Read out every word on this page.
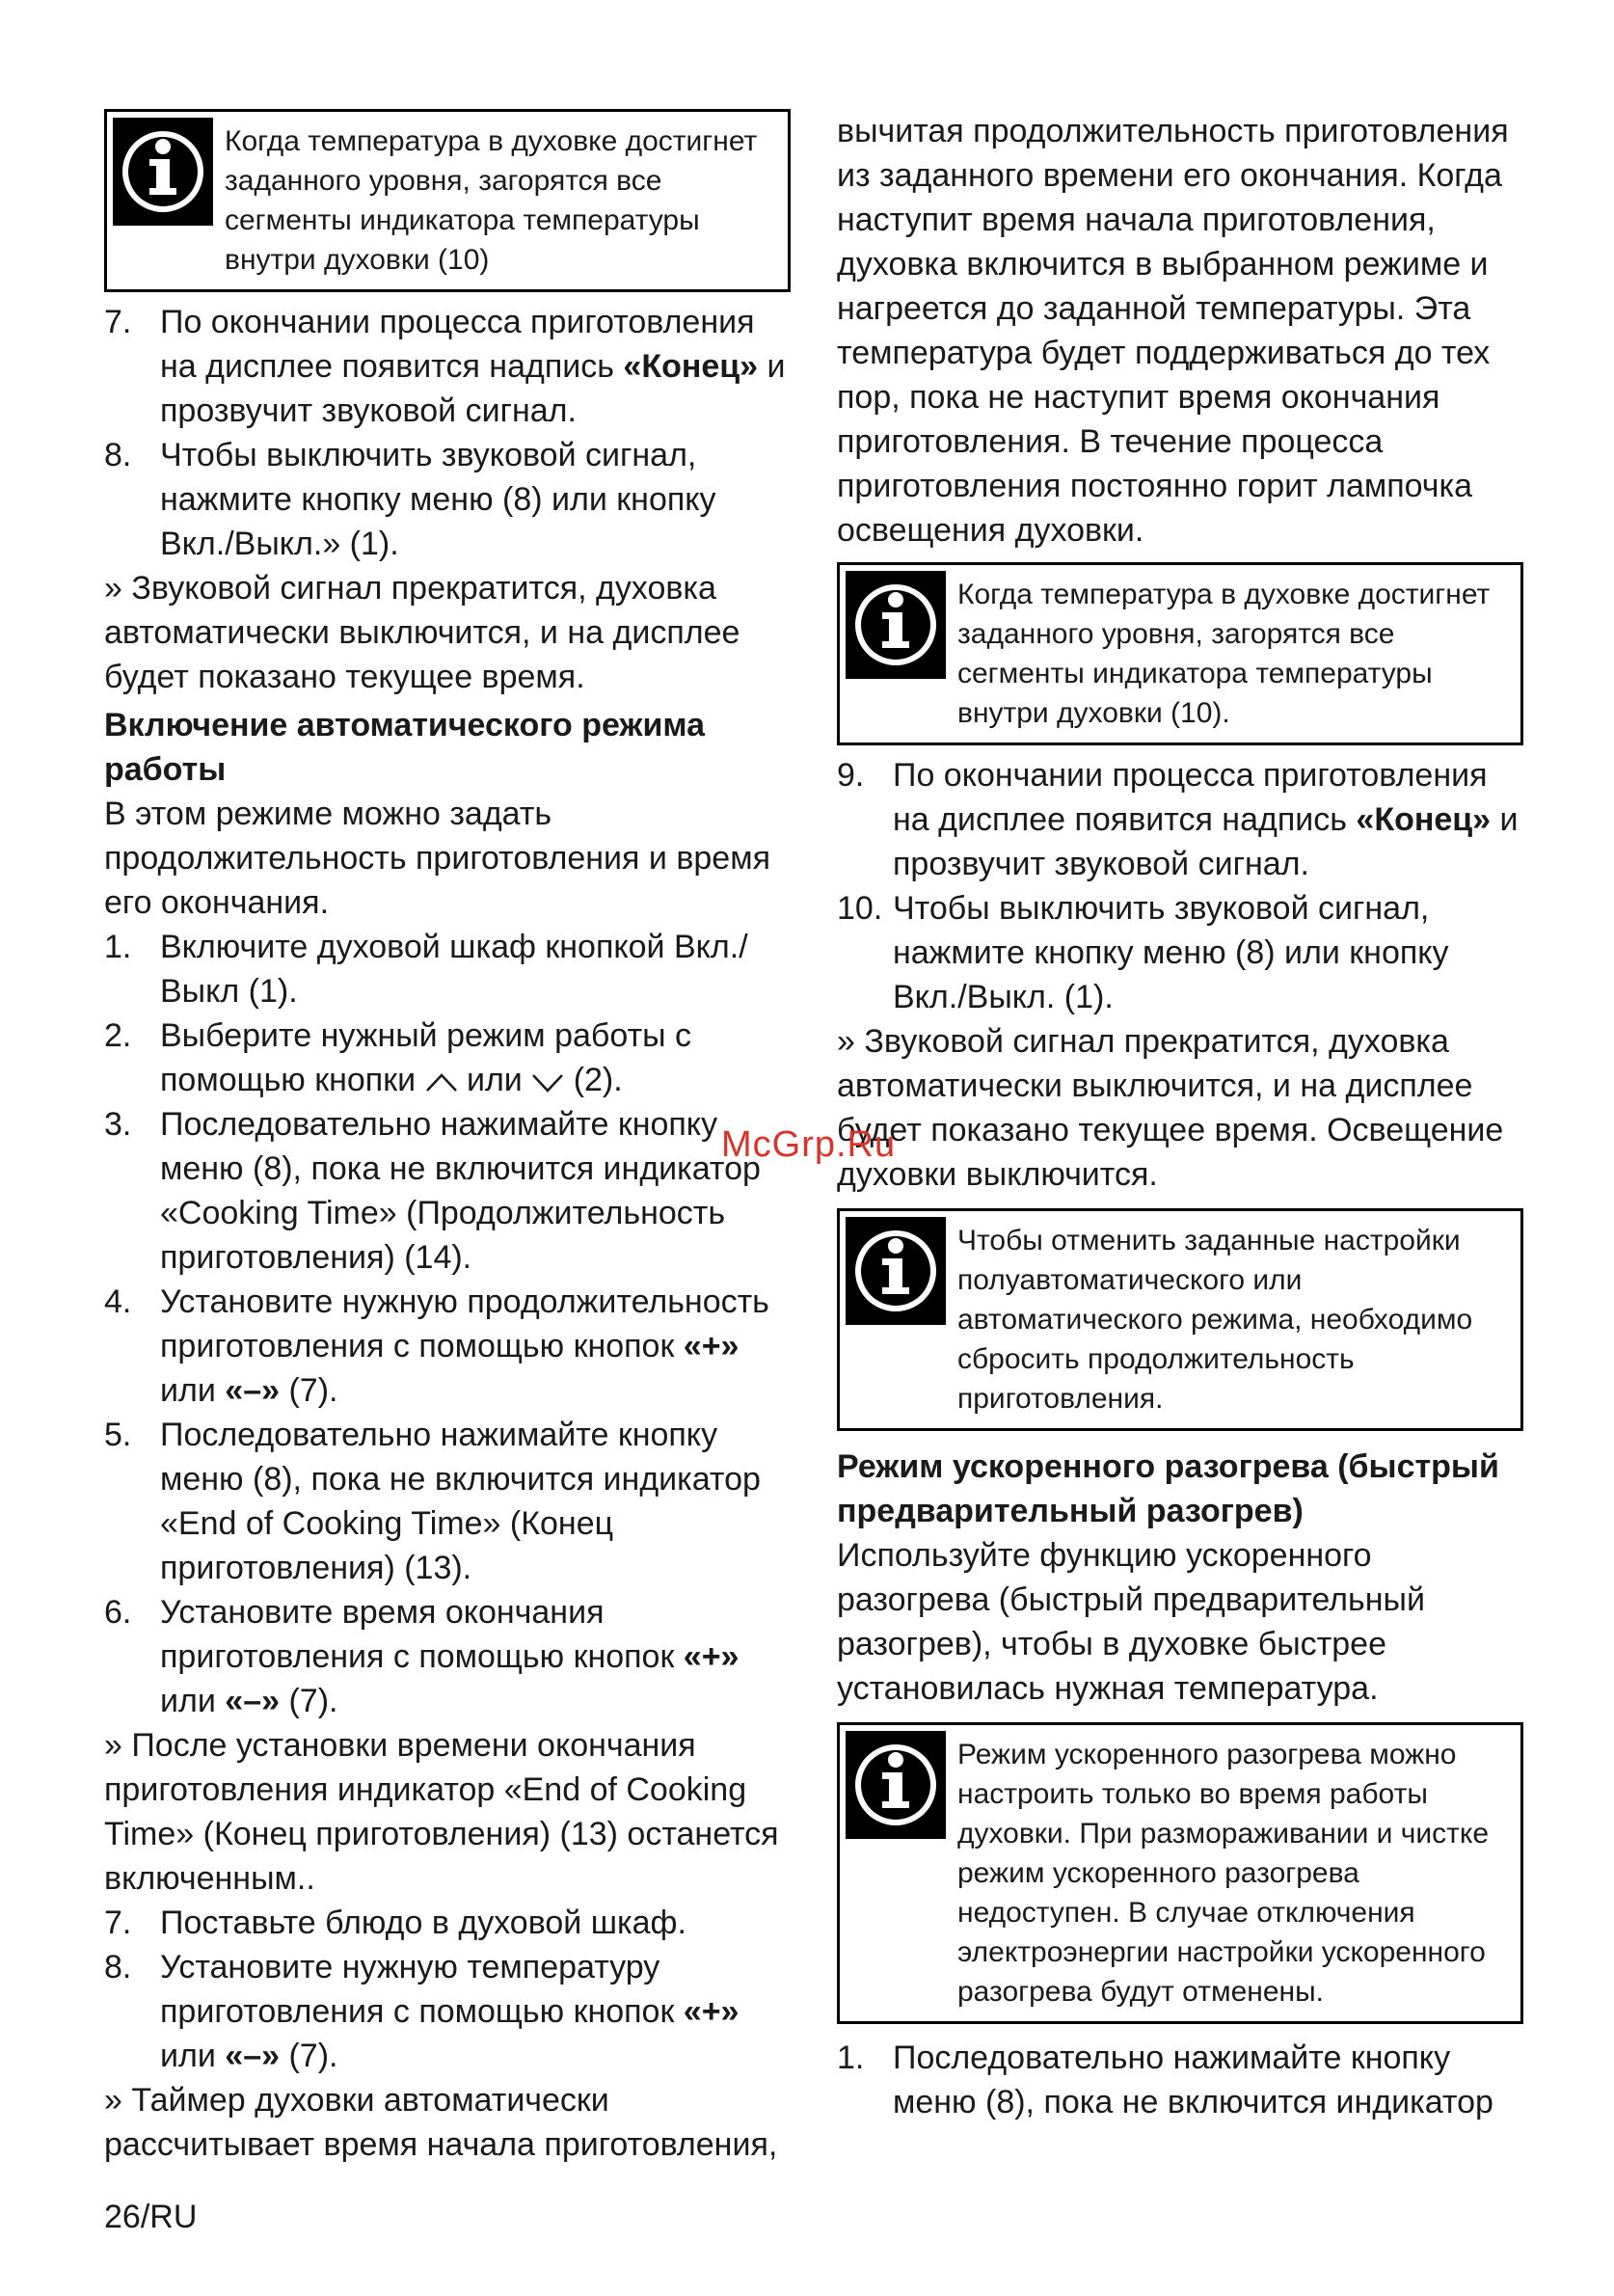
Когда температура в духовке достигнет заданного уровня, загорятся все сегменты индикатора температуры внутри духовки (10)
7. По окончании процесса приготовления на дисплее появится надпись «Конец» и прозвучит звуковой сигнал.
8. Чтобы выключить звуковой сигнал, нажмите кнопку меню (8) или кнопку Вкл./Выкл.» (1).

» Звуковой сигнал прекратится, духовка автоматически выключится, и на дисплее будет показано текущее время.

Включение автоматического режима работы

В этом режиме можно задать продолжительность приготовления и время его окончания.

1. Включите духовой шкаф кнопкой Вкл./Выкл (1).
2. Выберите нужный режим работы с помощью кнопки  или  (2).
3. Последовательно нажимайте кнопку меню (8), пока не включится индикатор «Cooking Time» (Продолжительность приготовления) (14).
4. Установите нужную продолжительность приготовления с помощью кнопок «+» или «–» (7).
5. Последовательно нажимайте кнопку меню (8), пока не включится индикатор «End of Cooking Time» (Конец приготовления) (13).
6. Установите время окончания приготовления с помощью кнопок «+» или «–» (7).

» После установки времени окончания приготовления индикатор «End of Cooking Time» (Конец приготовления) (13) останется включенным..

7. Поставьте блюдо в духовой шкаф.
8. Установите нужную температуру приготовления с помощью кнопок «+» или «–» (7).

» Таймер духовки автоматически рассчитывает время начала приготовления,

вычитая продолжительность приготовления из заданного времени его окончания. Когда наступит время начала приготовления, духовка включится в выбранном режиме и нагреется до заданной температуры. Эта температура будет поддерживаться до тех пор, пока не наступит время окончания приготовления. В течение процесса приготовления постоянно горит лампочка освещения духовки.

Когда температура в духовке достигнет заданного уровня, загорятся все сегменты индикатора температуры внутри духовки (10).
9. По окончании процесса приготовления на дисплее появится надпись «Конец» и прозвучит звуковой сигнал.
10. Чтобы выключить звуковой сигнал, нажмите кнопку меню (8) или кнопку Вкл./Выкл. (1).

» Звуковой сигнал прекратится, духовка автоматически выключится, и на дисплее будет показано текущее время. Освещение духовки выключится.

Чтобы отменить заданные настройки полуавтоматического или автоматического режима, необходимо сбросить продолжительность приготовления.

Режим ускоренного разогрева (быстрый предварительный разогрев)

Используйте функцию ускоренного разогрева (быстрый предварительный разогрев), чтобы в духовке быстрее установилась нужная температура.

Режим ускоренного разогрева можно настроить только во время работы духовки. При размораживании и чистке режим ускоренного разогрева недоступен. В случае отключения электроэнергии настройки ускоренного разогрева будут отменены.
1. Последовательно нажимайте кнопку меню (8), пока не включится индикатор
McGrp.Ru
26/RU
